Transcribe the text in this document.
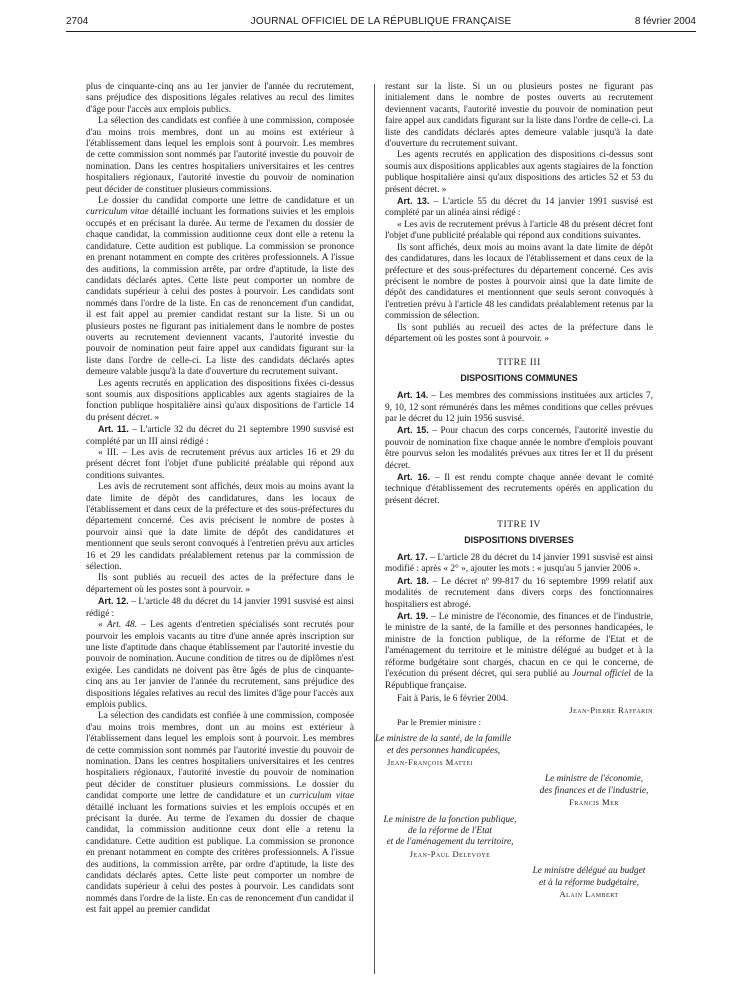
2704	JOURNAL OFFICIEL DE LA RÉPUBLIQUE FRANÇAISE	8 février 2004

plus de cinquante-cinq ans au 1er janvier de l'année du recrutement, sans préjudice des dispositions légales relatives au recul des limites d'âge pour l'accès aux emplois publics.

La sélection des candidats est confiée à une commission, composée d'au moins trois membres, dont un au moins est extérieur à l'établissement dans lequel les emplois sont à pourvoir. Les membres de cette commission sont nommés par l'autorité investie du pouvoir de nomination. Dans les centres hospitaliers universitaires et les centres hospitaliers régionaux, l'autorité investie du pouvoir de nomination peut décider de constituer plusieurs commissions.

Le dossier du candidat comporte une lettre de candidature et un curriculum vitae détaillé incluant les formations suivies et les emplois occupés et en précisant la durée. Au terme de l'examen du dossier de chaque candidat, la commission auditionne ceux dont elle a retenu la candidature. Cette audition est publique. La commission se prononce en prenant notamment en compte des critères professionnels. A l'issue des auditions, la commission arrête, par ordre d'aptitude, la liste des candidats déclarés aptes. Cette liste peut comporter un nombre de candidats supérieur à celui des postes à pourvoir. Les candidats sont nommés dans l'ordre de la liste. En cas de renoncement d'un candidat, il est fait appel au premier candidat restant sur la liste. Si un ou plusieurs postes ne figurant pas initialement dans le nombre de postes ouverts au recrutement deviennent vacants, l'autorité investie du pouvoir de nomination peut faire appel aux candidats figurant sur la liste dans l'ordre de celle-ci. La liste des candidats déclarés aptes demeure valable jusqu'à la date d'ouverture du recrutement suivant.

Les agents recrutés en application des dispositions fixées ci-dessus sont soumis aux dispositions applicables aux agents stagiaires de la fonction publique hospitalière ainsi qu'aux dispositions de l'article 14 du présent décret. »

Art. 11. – L'article 32 du décret du 21 septembre 1990 susvisé est complété par un III ainsi rédigé :

« III. – Les avis de recrutement prévus aux articles 16 et 29 du présent décret font l'objet d'une publicité préalable qui répond aux conditions suivantes.

Les avis de recrutement sont affichés, deux mois au moins avant la date limite de dépôt des candidatures, dans les locaux de l'établissement et dans ceux de la préfecture et des sous-préfectures du département concerné. Ces avis précisent le nombre de postes à pourvoir ainsi que la date limite de dépôt des candidatures et mentionnent que seuls seront convoqués à l'entretien prévu aux articles 16 et 29 les candidats préalablement retenus par la commission de sélection.

Ils sont publiés au recueil des actes de la préfecture dans le département où les postes sont à pourvoir. »

Art. 12. – L'article 48 du décret du 14 janvier 1991 susvisé est ainsi rédigé :

« Art. 48. – Les agents d'entretien spécialisés sont recrutés pour pourvoir les emplois vacants au titre d'une année après inscription sur une liste d'aptitude dans chaque établissement par l'autorité investie du pouvoir de nomination. Aucune condition de titres ou de diplômes n'est exigée. Les candidats ne doivent pas être âgés de plus de cinquante-cinq ans au 1er janvier de l'année du recrutement, sans préjudice des dispositions légales relatives au recul des limites d'âge pour l'accès aux emplois publics.

La sélection des candidats est confiée à une commission, composée d'au moins trois membres, dont un au moins est extérieur à l'établissement dans lequel les emplois sont à pourvoir. Les membres de cette commission sont nommés par l'autorité investie du pouvoir de nomination. Dans les centres hospitaliers universitaires et les centres hospitaliers régionaux, l'autorité investie du pouvoir de nomination peut décider de constituer plusieurs commissions. Le dossier du candidat comporte une lettre de candidature et un curriculum vitae détaillé incluant les formations suivies et les emplois occupés et en précisant la durée. Au terme de l'examen du dossier de chaque candidat, la commission auditionne ceux dont elle a retenu la candidature. Cette audition est publique. La commission se prononce en prenant notamment en compte des critères professionnels. A l'issue des auditions, la commission arrête, par ordre d'aptitude, la liste des candidats déclarés aptes. Cette liste peut comporter un nombre de candidats supérieur à celui des postes à pourvoir. Les candidats sont nommés dans l'ordre de la liste. En cas de renoncement d'un candidat il est fait appel au premier candidat

restant sur la liste. Si un ou plusieurs postes ne figurant pas initialement dans le nombre de postes ouverts au recrutement deviennent vacants, l'autorité investie du pouvoir de nomination peut faire appel aux candidats figurant sur la liste dans l'ordre de celle-ci. La liste des candidats déclarés aptes demeure valable jusqu'à la date d'ouverture du recrutement suivant.

Les agents recrutés en application des dispositions ci-dessus sont soumis aux dispositions applicables aux agents stagiaires de la fonction publique hospitalière ainsi qu'aux dispositions des articles 52 et 53 du présent décret. »

Art. 13. – L'article 55 du décret du 14 janvier 1991 susvisé est complété par un alinéa ainsi rédigé :

« Les avis de recrutement prévus à l'article 48 du présent décret font l'objet d'une publicité préalable qui répond aux conditions suivantes.

Ils sont affichés, deux mois au moins avant la date limite de dépôt des candidatures, dans les locaux de l'établissement et dans ceux de la préfecture et des sous-préfectures du département concerné. Ces avis précisent le nombre de postes à pourvoir ainsi que la date limite de dépôt des candidatures et mentionnent que seuls seront convoqués à l'entretien prévu à l'article 48 les candidats préalablement retenus par la commission de sélection.

Ils sont publiés au recueil des actes de la préfecture dans le département où les postes sont à pourvoir. »

TITRE III

DISPOSITIONS COMMUNES

Art. 14. – Les membres des commissions instituées aux articles 7, 9, 10, 12 sont rémunérés dans les mêmes conditions que celles prévues par le décret du 12 juin 1956 susvisé.

Art. 15. – Pour chacun des corps concernés, l'autorité investie du pouvoir de nomination fixe chaque année le nombre d'emplois pouvant être pourvus selon les modalités prévues aux titres Ier et II du présent décret.

Art. 16. – Il est rendu compte chaque année devant le comité technique d'établissement des recrutements opérés en application du présent décret.

TITRE IV

DISPOSITIONS DIVERSES

Art. 17. – L'article 28 du décret du 14 janvier 1991 susvisé est ainsi modifié : après « 2° », ajouter les mots : « jusqu'au 5 janvier 2006 ».

Art. 18. – Le décret nº 99-817 du 16 septembre 1999 relatif aux modalités de recrutement dans divers corps des fonctionnaires hospitaliers est abrogé.

Art. 19. – Le ministre de l'économie, des finances et de l'industrie, le ministre de la santé, de la famille et des personnes handicapées, le ministre de la fonction publique, de la réforme de l'Etat et de l'aménagement du territoire et le ministre délégué au budget et à la réforme budgétaire sont chargés, chacun en ce qui le concerne, de l'exécution du présent décret, qui sera publié au Journal officiel de la République française.

Fait à Paris, le 6 février 2004.

Jean-Pierre Raffarin

Par le Premier ministre :

Le ministre de la santé, de la famille
et des personnes handicapées,
Jean-François Mattei
Le ministre de l'économie,
des finances et de l'industrie,
Francis Mer
Le ministre de la fonction publique,
de la réforme de l'Etat
et de l'aménagement du territoire,
Jean-Paul Delevoye
Le ministre délégué au budget
et à la réforme budgétaire,
Alain Lambert
